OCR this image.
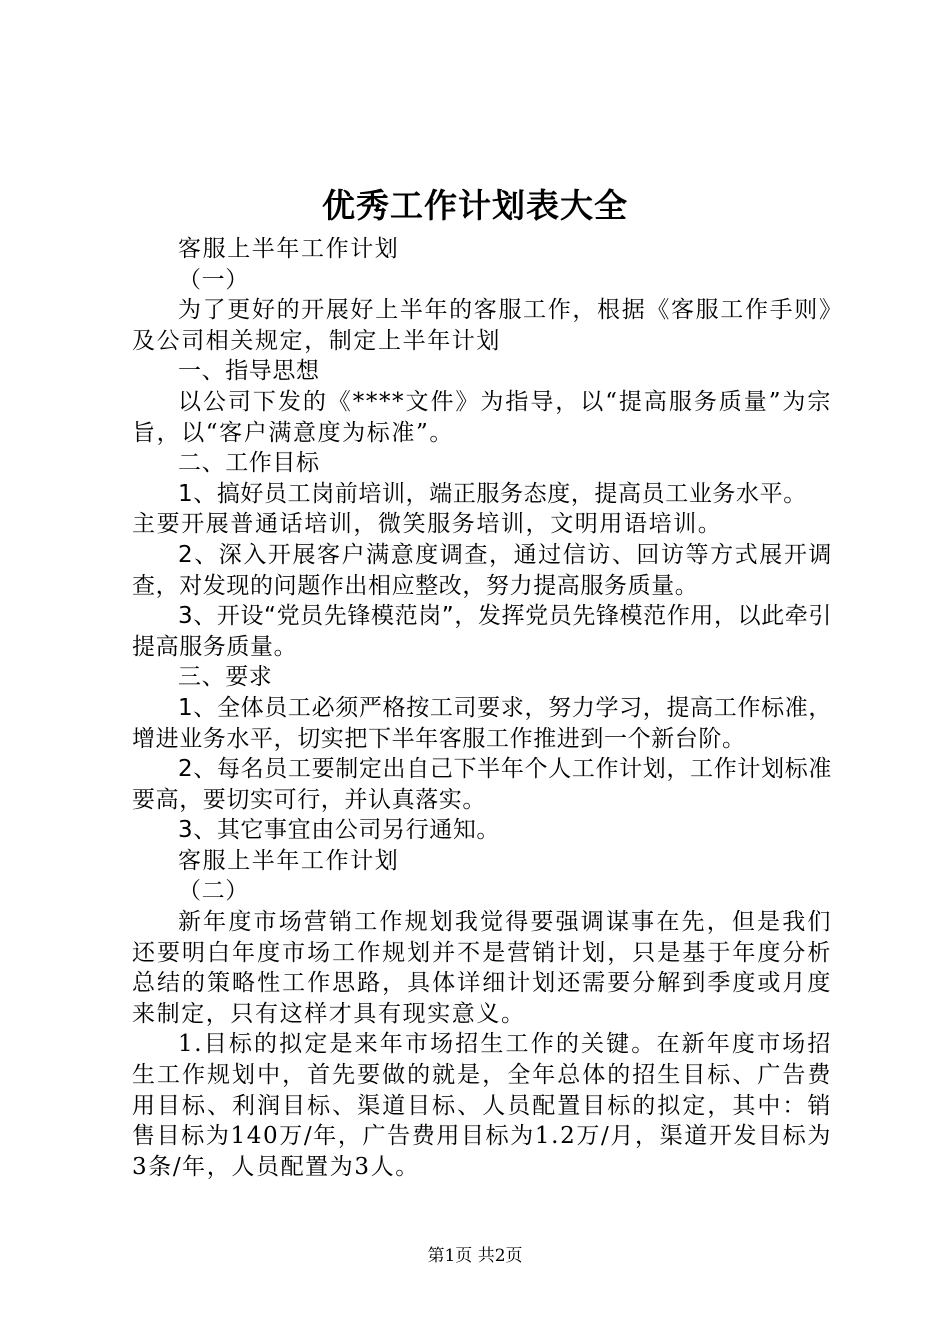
优秀工作计划表大全

客服上半年工作计划

（一）

为了更好的开展好上半年的客服工作，根据《客服工作手则》及公司相关规定，制定上半年计划

一、指导思想

以公司下发的《****文件》为指导，以“提高服务质量”为宗旨，以“客户满意度为标准”。

二、工作目标

1、搞好员工岗前培训，端正服务态度，提高员工业务水平。

主要开展普通话培训，微笑服务培训，文明用语培训。

2、深入开展客户满意度调查，通过信访、回访等方式展开调查，对发现的问题作出相应整改，努力提高服务质量。

3、开设“党员先锋模范岗”，发挥党员先锋模范作用，以此牵引提高服务质量。

三、要求

1、全体员工必须严格按工司要求，努力学习，提高工作标准，增进业务水平，切实把下半年客服工作推进到一个新台阶。

2、每名员工要制定出自己下半年个人工作计划，工作计划标准要高，要切实可行，并认真落实。

3、其它事宜由公司另行通知。

客服上半年工作计划

（二）

新年度市场营销工作规划我觉得要强调谋事在先，但是我们还要明白年度市场工作规划并不是营销计划，只是基于年度分析总结的策略性工作思路，具体详细计划还需要分解到季度或月度来制定，只有这样才具有现实意义。

1.目标的拟定是来年市场招生工作的关键。在新年度市场招生工作规划中，首先要做的就是，全年总体的招生目标、广告费用目标、利润目标、渠道目标、人员配置目标的拟定，其中：销售目标为140万/年，广告费用目标为1.2万/月，渠道开发目标为3条/年，人员配置为3人。

第1页 共2页
